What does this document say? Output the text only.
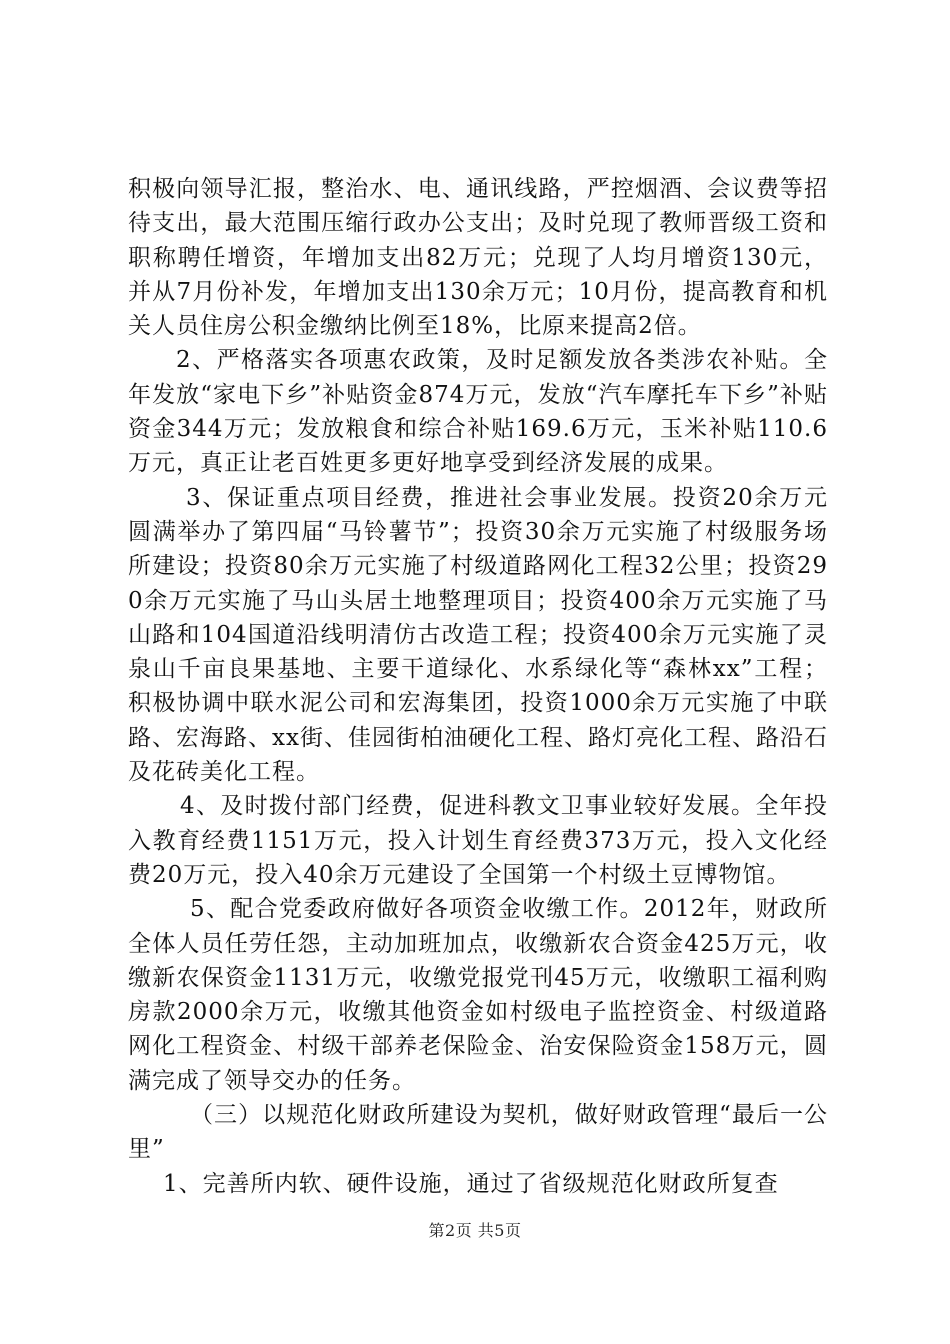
积极向领导汇报，整治水、电、通讯线路，严控烟酒、会议费等招待支出，最大范围压缩行政办公支出；及时兑现了教师晋级工资和职称聘任增资，年增加支出82万元；兑现了人均月增资130元，并从7月份补发，年增加支出130余万元；10月份，提高教育和机关人员住房公积金缴纳比例至18%，比原来提高2倍。

2、严格落实各项惠农政策，及时足额发放各类涉农补贴。全年发放“家电下乡”补贴资金874万元，发放“汽车摩托车下乡”补贴资金344万元；发放粮食和综合补贴169.6万元，玉米补贴110.6万元，真正让老百姓更多更好地享受到经济发展的成果。

3、保证重点项目经费，推进社会事业发展。投资20余万元圆满举办了第四届“马铃薯节”；投资30余万元实施了村级服务场所建设；投资80余万元实施了村级道路网化工程32公里；投资290余万元实施了马山头居土地整理项目；投资400余万元实施了马山路和104国道沿线明清仿古改造工程；投资400余万元实施了灵泉山千亩良果基地、主要干道绿化、水系绿化等“森林xx”工程；积极协调中联水泥公司和宏海集团，投资1000余万元实施了中联路、宏海路、xx街、佳园街柏油硬化工程、路灯亮化工程、路沿石及花砖美化工程。

4、及时拨付部门经费，促进科教文卫事业较好发展。全年投入教育经费1151万元，投入计划生育经费373万元，投入文化经费20万元，投入40余万元建设了全国第一个村级土豆博物馆。

5、配合党委政府做好各项资金收缴工作。2012年，财政所全体人员任劳任怨，主动加班加点，收缴新农合资金425万元，收缴新农保资金1131万元，收缴党报党刊45万元，收缴职工福利购房款2000余万元，收缴其他资金如村级电子监控资金、村级道路网化工程资金、村级干部养老保险金、治安保险资金158万元，圆满完成了领导交办的任务。

（三）以规范化财政所建设为契机，做好财政管理“最后一公里”

1、完善所内软、硬件设施，通过了省级规范化财政所复查

第2页 共5页
